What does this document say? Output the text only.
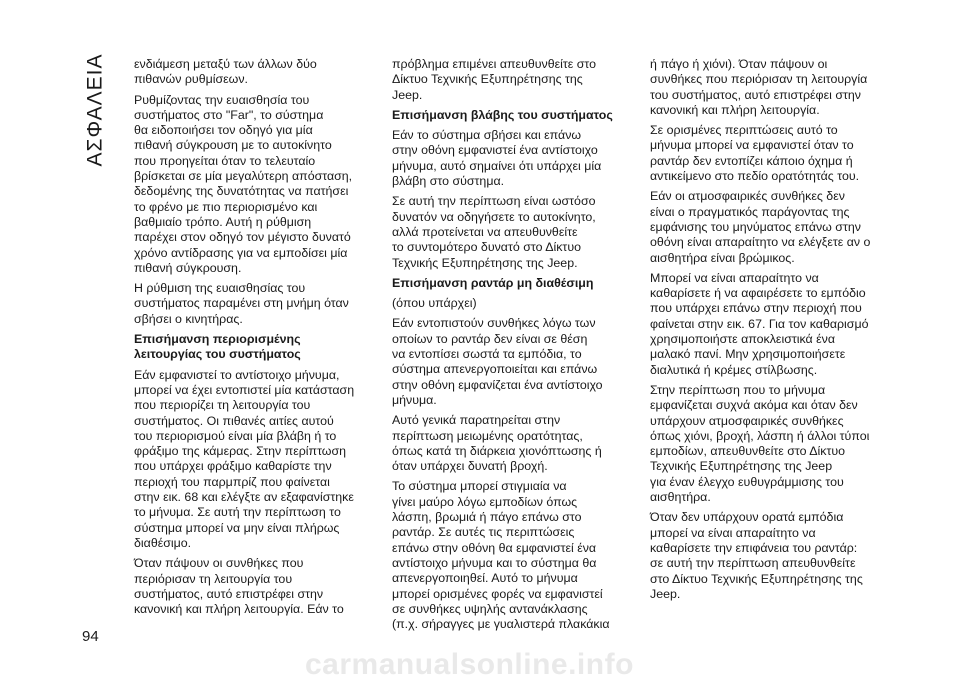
ΑΣΦΑΛΕΙΑ ενδιάμεση μεταξύ των άλλων δύο
πιθανών ρυθμίσεων.

Ρυθμίζοντας την ευαισθησία του
συστήματος στο "Far", το σύστημα
θα ειδοποιήσει τον οδηγό για μία
πιθανή σύγκρουση με το αυτοκίνητο
που προηγείται όταν το τελευταίο
βρίσκεται σε μία μεγαλύτερη απόσταση,
δεδομένης της δυνατότητας να πατήσει
το φρένο με πιο περιορισμένο και
βαθμιαίο τρόπο. Αυτή η ρύθμιση
παρέχει στον οδηγό τον μέγιστο δυνατό
χρόνο αντίδρασης για να εμποδίσει μία
πιθανή σύγκρουση.

Η ρύθμιση της ευαισθησίας του
συστήματος παραμένει στη μνήμη όταν
σβήσει ο κινητήρας.

Επισήμανση περιορισμένης
λειτουργίας του συστήματος

Εάν εμφανιστεί το αντίστοιχο μήνυμα,
μπορεί να έχει εντοπιστεί μία κατάσταση
που περιορίζει τη λειτουργία του
συστήματος. Οι πιθανές αιτίες αυτού
του περιορισμού είναι μία βλάβη ή το
φράξιμο της κάμερας. Στην περίπτωση
που υπάρχει φράξιμο καθαρίστε την
περιοχή του παρμπρίζ που φαίνεται
στην εικ. 68 και ελέγξτε αν εξαφανίστηκε
το μήνυμα. Σε αυτή την περίπτωση το
σύστημα μπορεί να μην είναι πλήρως
διαθέσιμο.

Όταν πάψουν οι συνθήκες που
περιόρισαν τη λειτουργία του
συστήματος, αυτό επιστρέφει στην
κανονική και πλήρη λειτουργία. Εάν το

πρόβλημα επιμένει απευθυνθείτε στο
Δίκτυο Τεχνικής Εξυπηρέτησης της
Jeep.

Επισήμανση βλάβης του συστήματος

Εάν το σύστημα σβήσει και επάνω
στην οθόνη εμφανιστεί ένα αντίστοιχο
μήνυμα, αυτό σημαίνει ότι υπάρχει μία
βλάβη στο σύστημα.

Σε αυτή την περίπτωση είναι ωστόσο
δυνατόν να οδηγήσετε το αυτοκίνητο,
αλλά προτείνεται να απευθυνθείτε
το συντομότερο δυνατό στο Δίκτυο
Τεχνικής Εξυπηρέτησης της Jeep.

Επισήμανση ραντάρ μη διαθέσιμη

(όπου υπάρχει)

Εάν εντοπιστούν συνθήκες λόγω των
οποίων το ραντάρ δεν είναι σε θέση
να εντοπίσει σωστά τα εμπόδια, το
σύστημα απενεργοποιείται και επάνω
στην οθόνη εμφανίζεται ένα αντίστοιχο
μήνυμα.

Αυτό γενικά παρατηρείται στην
περίπτωση μειωμένης ορατότητας,
όπως κατά τη διάρκεια χιονόπτωσης ή
όταν υπάρχει δυνατή βροχή.

Το σύστημα μπορεί στιγμιαία να
γίνει μαύρο λόγω εμποδίων όπως
λάσπη, βρωμιά ή πάγο επάνω στο
ραντάρ. Σε αυτές τις περιπτώσεις
επάνω στην οθόνη θα εμφανιστεί ένα
αντίστοιχο μήνυμα και το σύστημα θα
απενεργοποιηθεί. Αυτό το μήνυμα
μπορεί ορισμένες φορές να εμφανιστεί
σε συνθήκες υψηλής αντανάκλασης
(π.χ. σήραγγες με γυαλιστερά πλακάκια

ή πάγο ή χιόνι). Όταν πάψουν οι
συνθήκες που περιόρισαν τη λειτουργία
του συστήματος, αυτό επιστρέφει στην
κανονική και πλήρη λειτουργία.

Σε ορισμένες περιπτώσεις αυτό το
μήνυμα μπορεί να εμφανιστεί όταν το
ραντάρ δεν εντοπίζει κάποιο όχημα ή
αντικείμενο στο πεδίο ορατότητάς του.

Εάν οι ατμοσφαιρικές συνθήκες δεν
είναι ο πραγματικός παράγοντας της
εμφάνισης του μηνύματος επάνω στην
οθόνη είναι απαραίτητο να ελέγξετε αν ο
αισθητήρα είναι βρώμικος.

Μπορεί να είναι απαραίτητο να
καθαρίσετε ή να αφαιρέσετε το εμπόδιο
που υπάρχει επάνω στην περιοχή που
φαίνεται στην εικ. 67. Για τον καθαρισμό
χρησιμοποιήστε αποκλειστικά ένα
μαλακό πανί. Μην χρησιμοποιήσετε
διαλυτικά ή κρέμες στίλβωσης.

Στην περίπτωση που το μήνυμα
εμφανίζεται συχνά ακόμα και όταν δεν
υπάρχουν ατμοσφαιρικές συνθήκες
όπως χιόνι, βροχή, λάσπη ή άλλοι τύποι
εμποδίων, απευθυνθείτε στο Δίκτυο
Τεχνικής Εξυπηρέτησης της Jeep
για έναν έλεγχο ευθυγράμμισης του
αισθητήρα.

Όταν δεν υπάρχουν ορατά εμπόδια
μπορεί να είναι απαραίτητο να
καθαρίσετε την επιφάνεια του ραντάρ:
σε αυτή την περίπτωση απευθυνθείτε
στο Δίκτυο Τεχνικής Εξυπηρέτησης της
Jeep.

94
carmanualsonline.info
